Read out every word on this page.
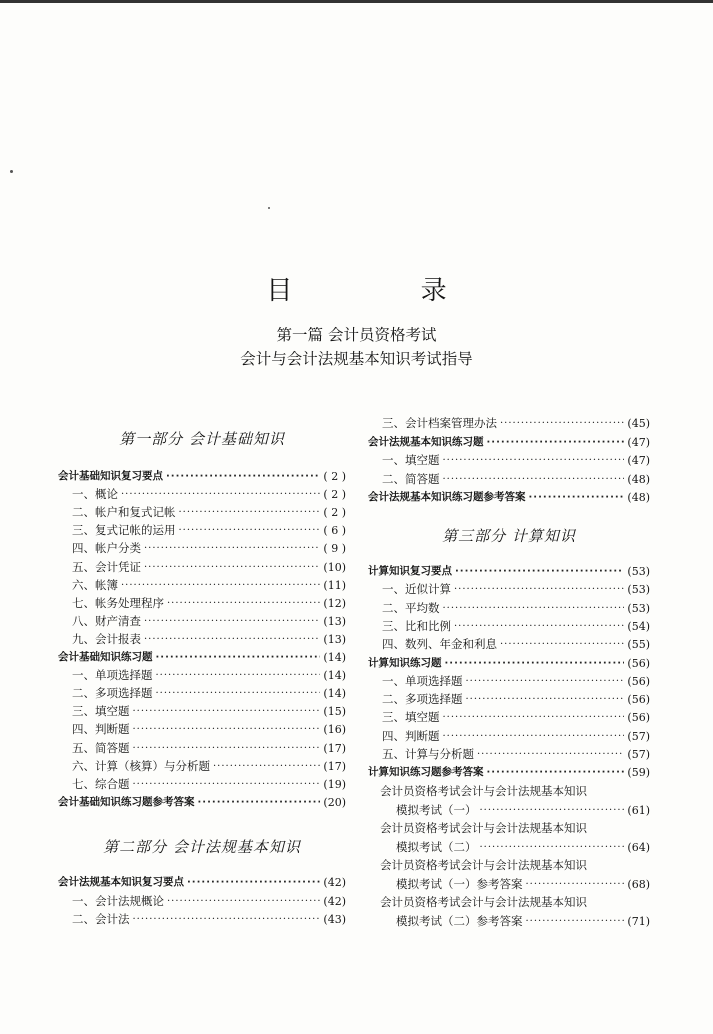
目 录
第一篇 会计员资格考试
会计与会计法规基本知识考试指导
第一部分 会计基础知识
会计基础知识复习要点 ·····	( 2 )
一、概论 ·····	( 2 )
二、帐户和复式记帐 ·····	( 2 )
三、复式记帐的运用 ·····	( 6 )
四、帐户分类 ·····	( 9 )
五、会计凭证 ·····	(10)
六、帐簿 ·····	(11)
七、帐务处理程序 ·····	(12)
八、财产清查 ·····	(13)
九、会计报表 ·····	(13)
会计基础知识练习题 ·····	(14)
一、单项选择题 ·····	(14)
二、多项选择题 ·····	(14)
三、填空题 ·····	(15)
四、判断题 ·····	(16)
五、简答题 ·····	(17)
六、计算（核算）与分析题 ·····	(17)
七、综合题 ·····	(19)
会计基础知识练习题参考答案 ·····	(20)
第二部分 会计法规基本知识
会计法规基本知识复习要点 ·····	(42)
一、会计法规概论 ·····	(42)
二、会计法 ·····	(43)
三、会计档案管理办法 ·····	(45)
会计法规基本知识练习题 ·····	(47)
一、填空题 ·····	(47)
二、简答题 ·····	(48)
会计法规基本知识练习题参考答案 ·····	(48)
第三部分 计算知识
计算知识复习要点 ·····	(53)
一、近似计算 ·····	(53)
二、平均数 ·····	(53)
三、比和比例 ·····	(54)
四、数列、年金和利息 ·····	(55)
计算知识练习题 ·····	(56)
一、单项选择题 ·····	(56)
二、多项选择题 ·····	(56)
三、填空题 ·····	(56)
四、判断题 ·····	(57)
五、计算与分析题 ·····	(57)
计算知识练习题参考答案 ·····	(59)
会计员资格考试会计与会计法规基本知识
模拟考试（一） ·····	(61)
会计员资格考试会计与会计法规基本知识
模拟考试（二） ·····	(64)
会计员资格考试会计与会计法规基本知识
模拟考试（一）参考答案 ·····	(68)
会计员资格考试会计与会计法规基本知识
模拟考试（二）参考答案 ·····	(71)
